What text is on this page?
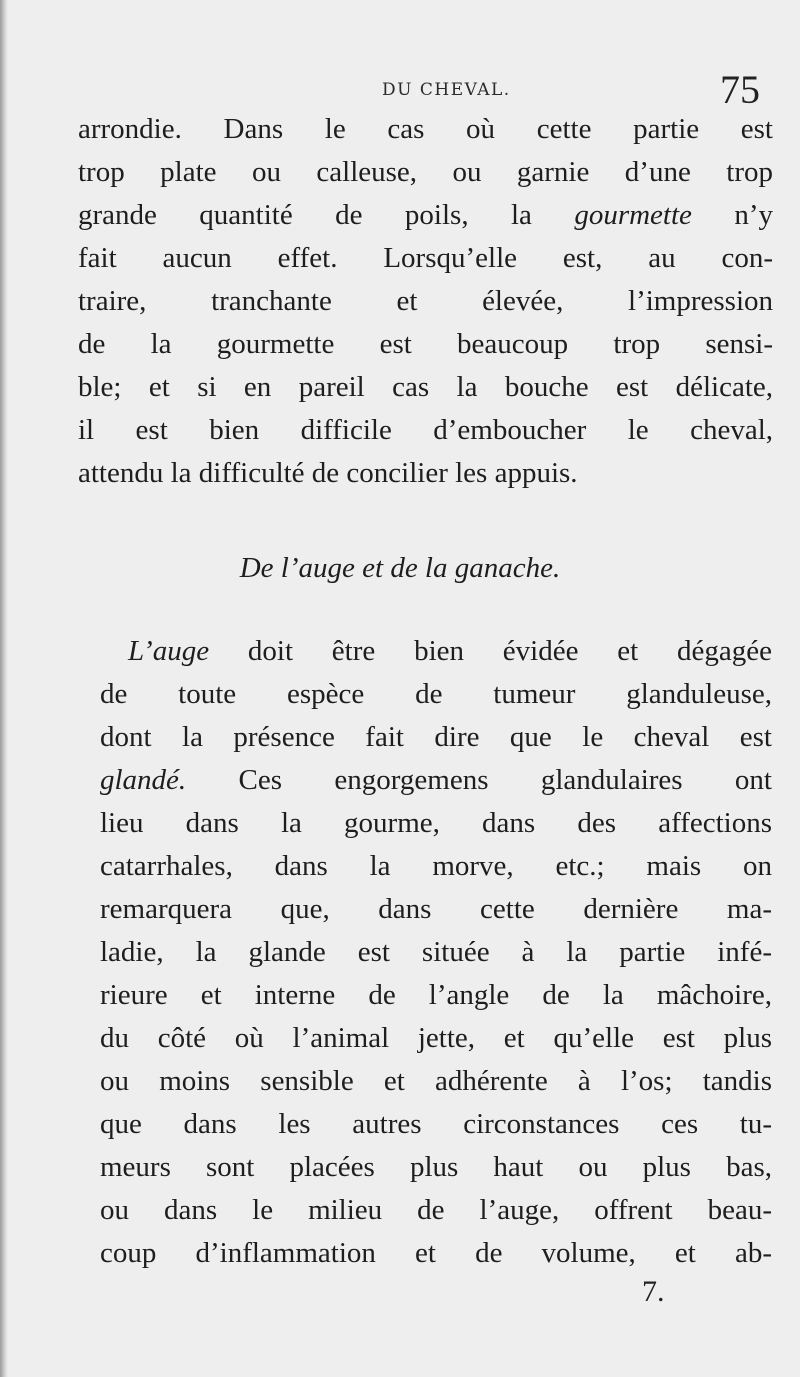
DU CHEVAL.	75
arrondie. Dans le cas où cette partie est
trop plate ou calleuse, ou garnie d’une trop
grande quantité de poils, la gourmette n’y
fait aucun effet. Lorsqu’elle est, au con-
traire, tranchante et élevée, l’impression
de la gourmette est beaucoup trop sensi-
ble; et si en pareil cas la bouche est délicate,
il est bien difficile d’emboucher le cheval,
attendu la difficulté de concilier les appuis.
De l’auge et de la ganache.
L’auge doit être bien évidée et dégagée
de toute espèce de tumeur glanduleuse,
dont la présence fait dire que le cheval est
glandé. Ces engorgemens glandulaires ont
lieu dans la gourme, dans des affections
catarrhales, dans la morve, etc.; mais on
remarquera que, dans cette dernière ma-
ladie, la glande est située à la partie infé-
rieure et interne de l’angle de la mâchoire,
du côté où l’animal jette, et qu’elle est plus
ou moins sensible et adhérente à l’os; tandis
que dans les autres circonstances ces tu-
meurs sont placées plus haut ou plus bas,
ou dans le milieu de l’auge, offrent beau-
coup d’inflammation et de volume, et ab-
7.
